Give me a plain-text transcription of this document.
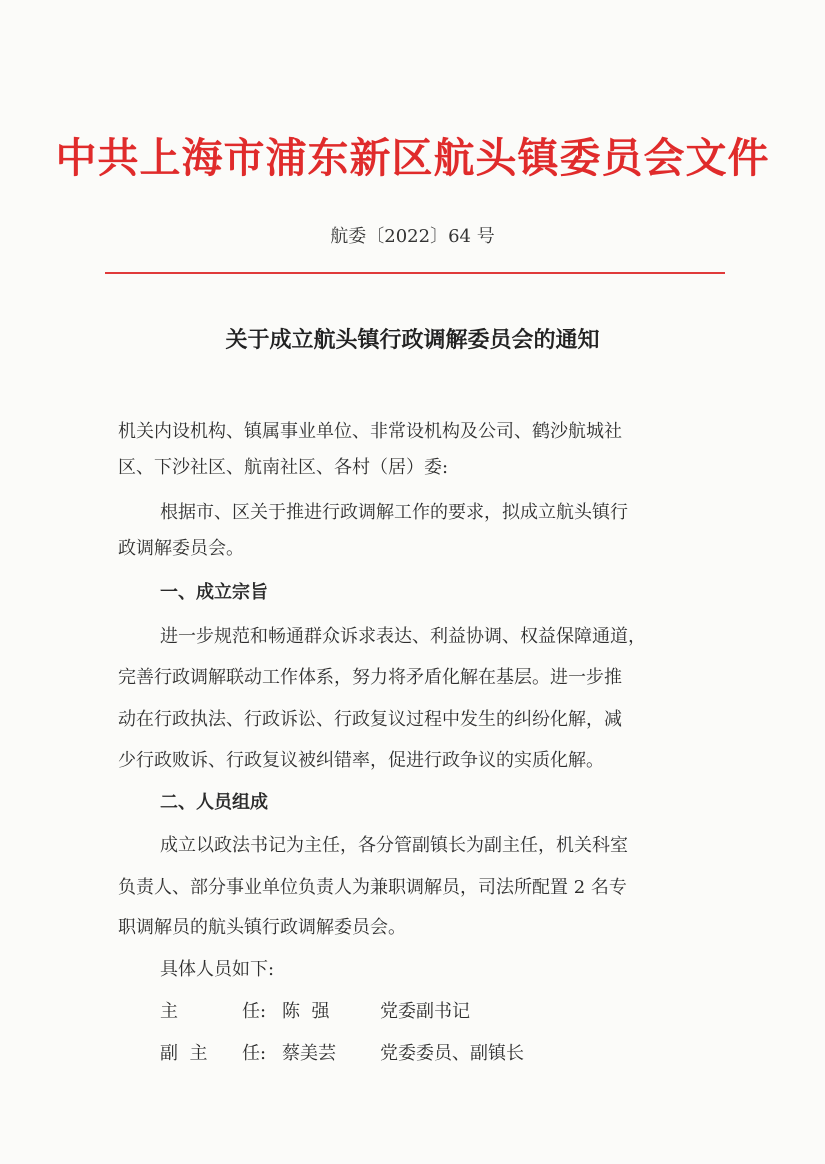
中共上海市浦东新区航头镇委员会文件
航委〔2022〕64 号
关于成立航头镇行政调解委员会的通知
机关内设机构、镇属事业单位、非常设机构及公司、鹤沙航城社
区、下沙社区、航南社区、各村（居）委:
根据市、区关于推进行政调解工作的要求，拟成立航头镇行
政调解委员会。
一、成立宗旨
进一步规范和畅通群众诉求表达、利益协调、权益保障通道，
完善行政调解联动工作体系，努力将矛盾化解在基层。进一步推
动在行政执法、行政诉讼、行政复议过程中发生的纠纷化解，减
少行政败诉、行政复议被纠错率，促进行政争议的实质化解。
二、人员组成
成立以政法书记为主任，各分管副镇长为副主任，机关科室
负责人、部分事业单位负责人为兼职调解员，司法所配置 2 名专
职调解员的航头镇行政调解委员会。
具体人员如下:
主	任: 陈  强	党委副书记
副  主 任: 蔡美芸 党委委员、副镇长
